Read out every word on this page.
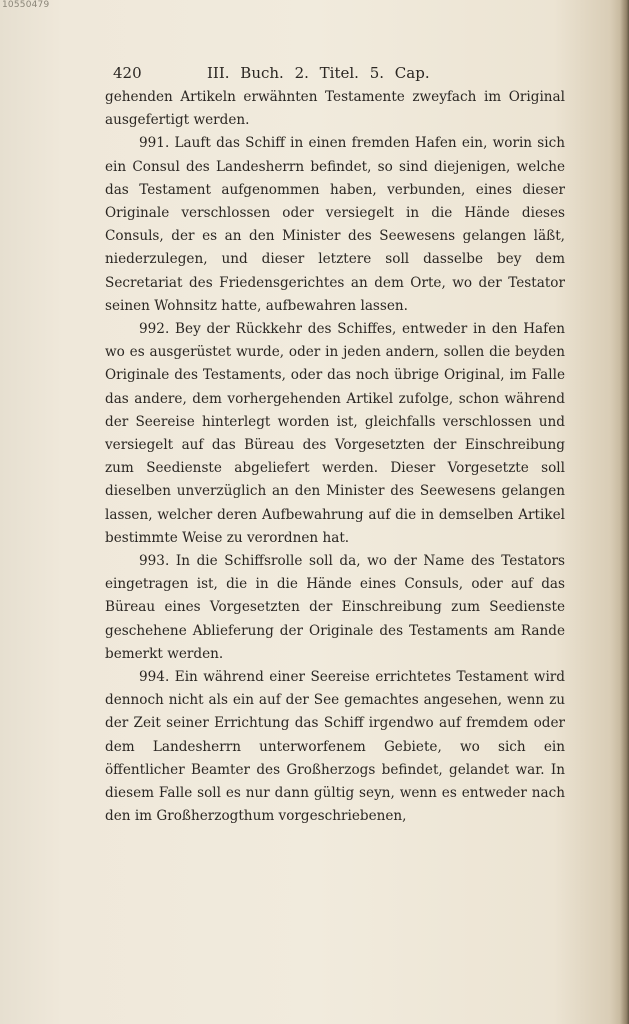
10550479
420	III. Buch. 2. Titel. 5. Cap.

gehenden Artikeln erwähnten Testamente zweyfach im Original ausgefertigt werden.

991. Lauft das Schiff in einen fremden Hafen ein, worin sich ein Consul des Landesherrn befindet, so sind diejenigen, welche das Testament aufgenommen haben, verbunden, eines dieser Originale verschlossen oder versiegelt in die Hände dieses Consuls, der es an den Minister des Seewesens gelangen läßt, niederzulegen, und dieser letztere soll dasselbe bey dem Secretariat des Friedensgerichtes an dem Orte, wo der Testator seinen Wohnsitz hatte, aufbewahren lassen.

992. Bey der Rückkehr des Schiffes, entweder in den Hafen wo es ausgerüstet wurde, oder in jeden andern, sollen die beyden Originale des Testaments, oder das noch übrige Original, im Falle das andere, dem vorhergehenden Artikel zufolge, schon während der Seereise hinterlegt worden ist, gleichfalls verschlossen und versiegelt auf das Büreau des Vorgesetzten der Einschreibung zum Seedienste abgeliefert werden. Dieser Vorgesetzte soll dieselben unverzüglich an den Minister des Seewesens gelangen lassen, welcher deren Aufbewahrung auf die in demselben Artikel bestimmte Weise zu verordnen hat.

993. In die Schiffsrolle soll da, wo der Name des Testators eingetragen ist, die in die Hände eines Consuls, oder auf das Büreau eines Vorgesetzten der Einschreibung zum Seedienste geschehene Ablieferung der Originale des Testaments am Rande bemerkt werden.

994. Ein während einer Seereise errichtetes Testament wird dennoch nicht als ein auf der See gemachtes angesehen, wenn zu der Zeit seiner Errichtung das Schiff irgendwo auf fremdem oder dem Landesherrn unterworfenem Gebiete, wo sich ein öffentlicher Beamter des Großherzogs befindet, gelandet war. In diesem Falle soll es nur dann gültig seyn, wenn es entweder nach den im Großherzogthum vorgeschriebenen,
